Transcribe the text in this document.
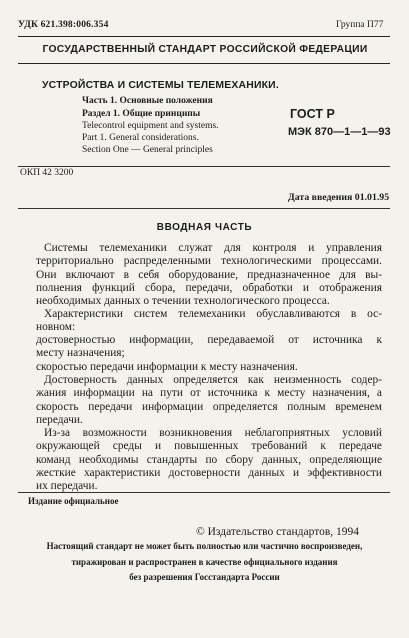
УДК 621.398:006.354	Группа П77
ГОСУДАРСТВЕННЫЙ СТАНДАРТ РОССИЙСКОЙ ФЕДЕРАЦИИ
УСТРОЙСТВА И СИСТЕМЫ ТЕЛЕМЕХАНИКИ.
Часть 1. Основные положения
Раздел 1. Общие принципы
Telecontrol equipment and systems.
Part 1. General considerations.
Section One — General principles
ГОСТ Р
МЭК 870—1—1—93
ОКП 42 3200
Дата введения 01.01.95
ВВОДНАЯ ЧАСТЬ
Системы телемеханики служат для контроля и управления
территориально распределенными технологическими процессами.
Они включают в себя оборудование, предназначенное для вы-
полнения функций сбора, передачи, обработки и отображения
необходимых данных о течении технологического процесса.
Характеристики систем телемеханики обуславливаются в ос-
новном:
достоверностью информации, передаваемой от источника к
месту назначения;
скоростью передачи информации к месту назначения.
Достоверность данных определяется как неизменность содер-
жания информации на пути от источника к месту назначения, а
скорость передачи информации определяется полным временем
передачи.
Из-за возможности возникновения неблагоприятных условий
окружающей среды и повышенных требований к передаче
команд необходимы стандарты по сбору данных, определяющие
жесткие характеристики достоверности данных и эффективности
их передачи.
Издание официальное
© Издательство стандартов, 1994
Настоящий стандарт не может быть полностью или частично воспроизведен,
тиражирован и распространен в качестве официального издания
без разрешения Госстандарта России
